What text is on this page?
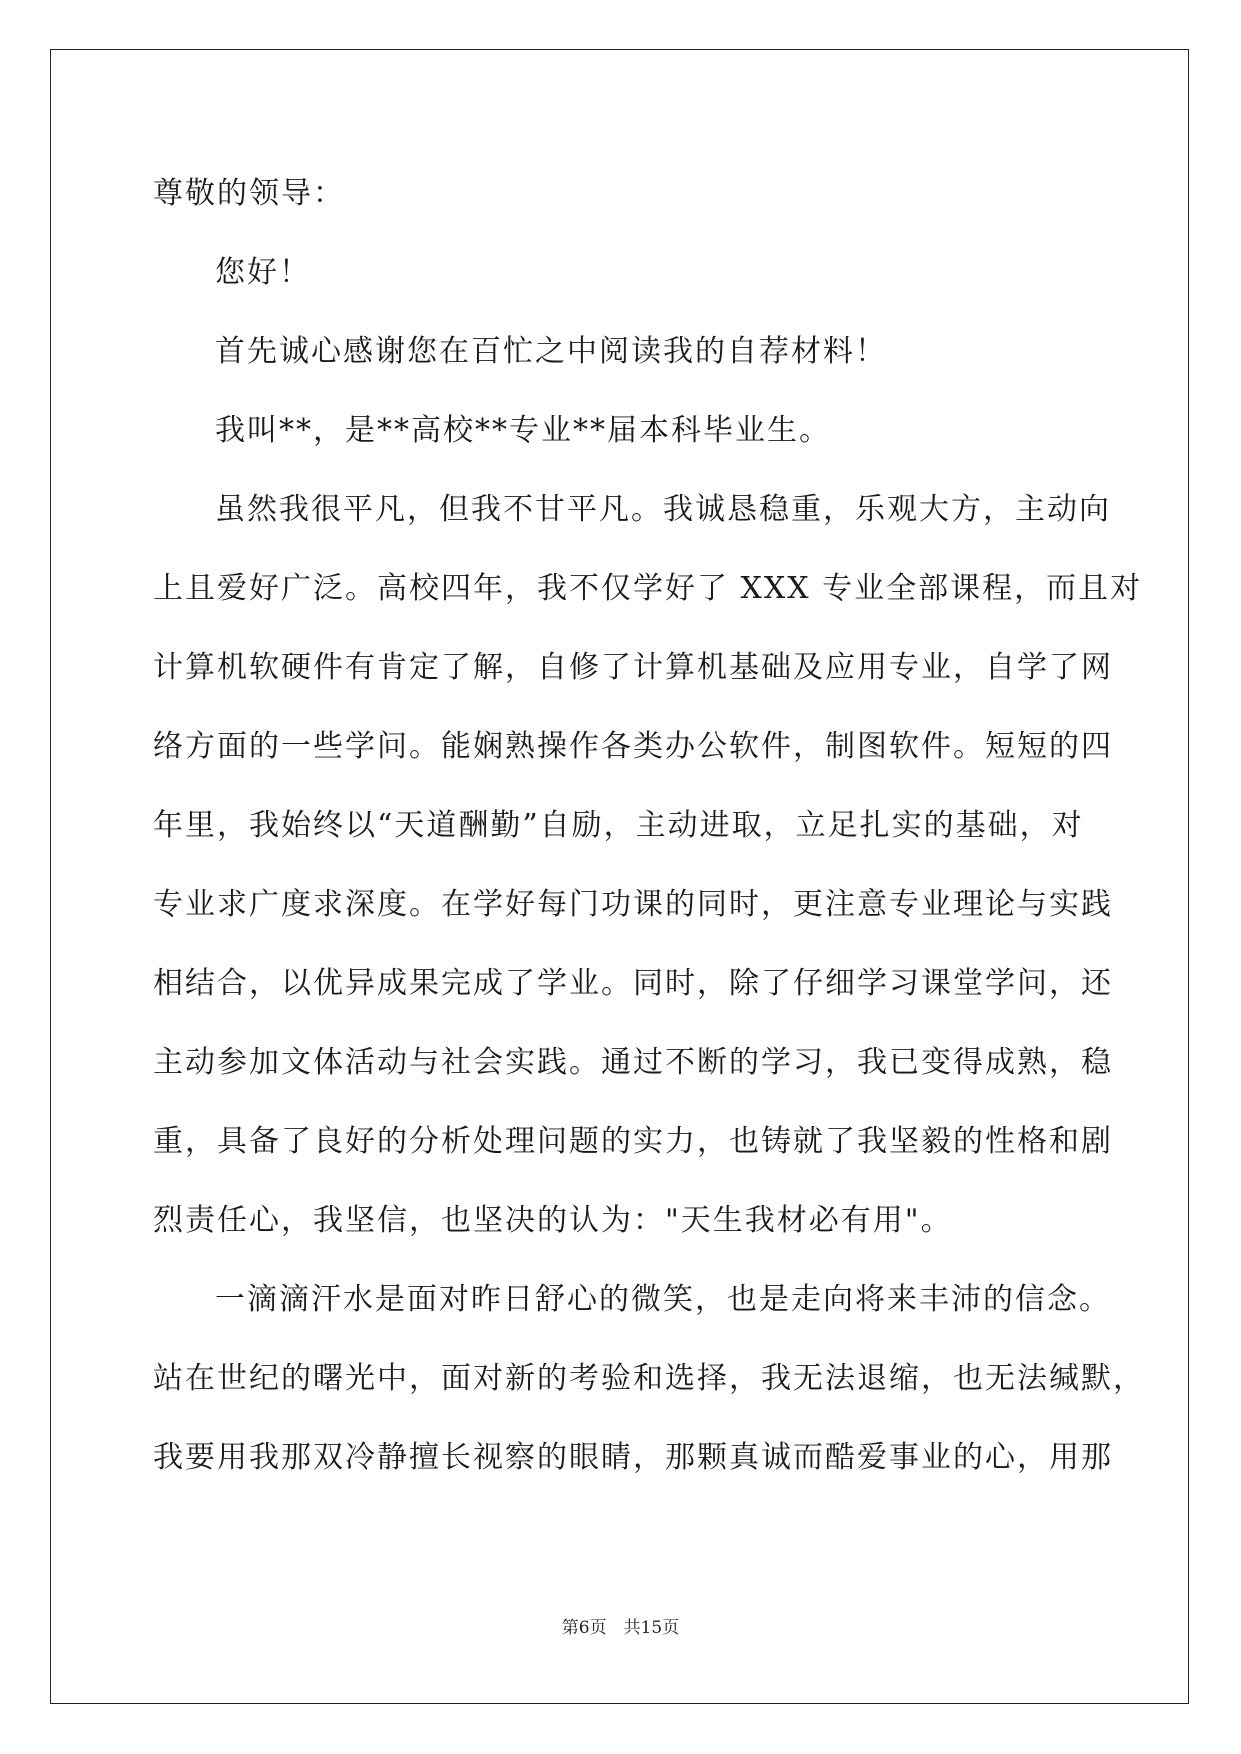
尊敬的领导：
您好！
首先诚心感谢您在百忙之中阅读我的自荐材料！
我叫**，是**高校**专业**届本科毕业生。
虽然我很平凡，但我不甘平凡。我诚恳稳重，乐观大方，主动向
上且爱好广泛。高校四年，我不仅学好了 XXX 专业全部课程，而且对
计算机软硬件有肯定了解，自修了计算机基础及应用专业，自学了网
络方面的一些学问。能娴熟操作各类办公软件，制图软件。短短的四
年里，我始终以“天道酬勤”自励，主动进取，立足扎实的基础，对
专业求广度求深度。在学好每门功课的同时，更注意专业理论与实践
相结合，以优异成果完成了学业。同时，除了仔细学习课堂学问，还
主动参加文体活动与社会实践。通过不断的学习，我已变得成熟，稳
重，具备了良好的分析处理问题的实力，也铸就了我坚毅的性格和剧
烈责任心，我坚信，也坚决的认为："天生我材必有用"。
一滴滴汗水是面对昨日舒心的微笑，也是走向将来丰沛的信念。
站在世纪的曙光中，面对新的考验和选择，我无法退缩，也无法缄默，
我要用我那双冷静擅长视察的眼睛，那颗真诚而酷爱事业的心，用那
第6页　共15页
